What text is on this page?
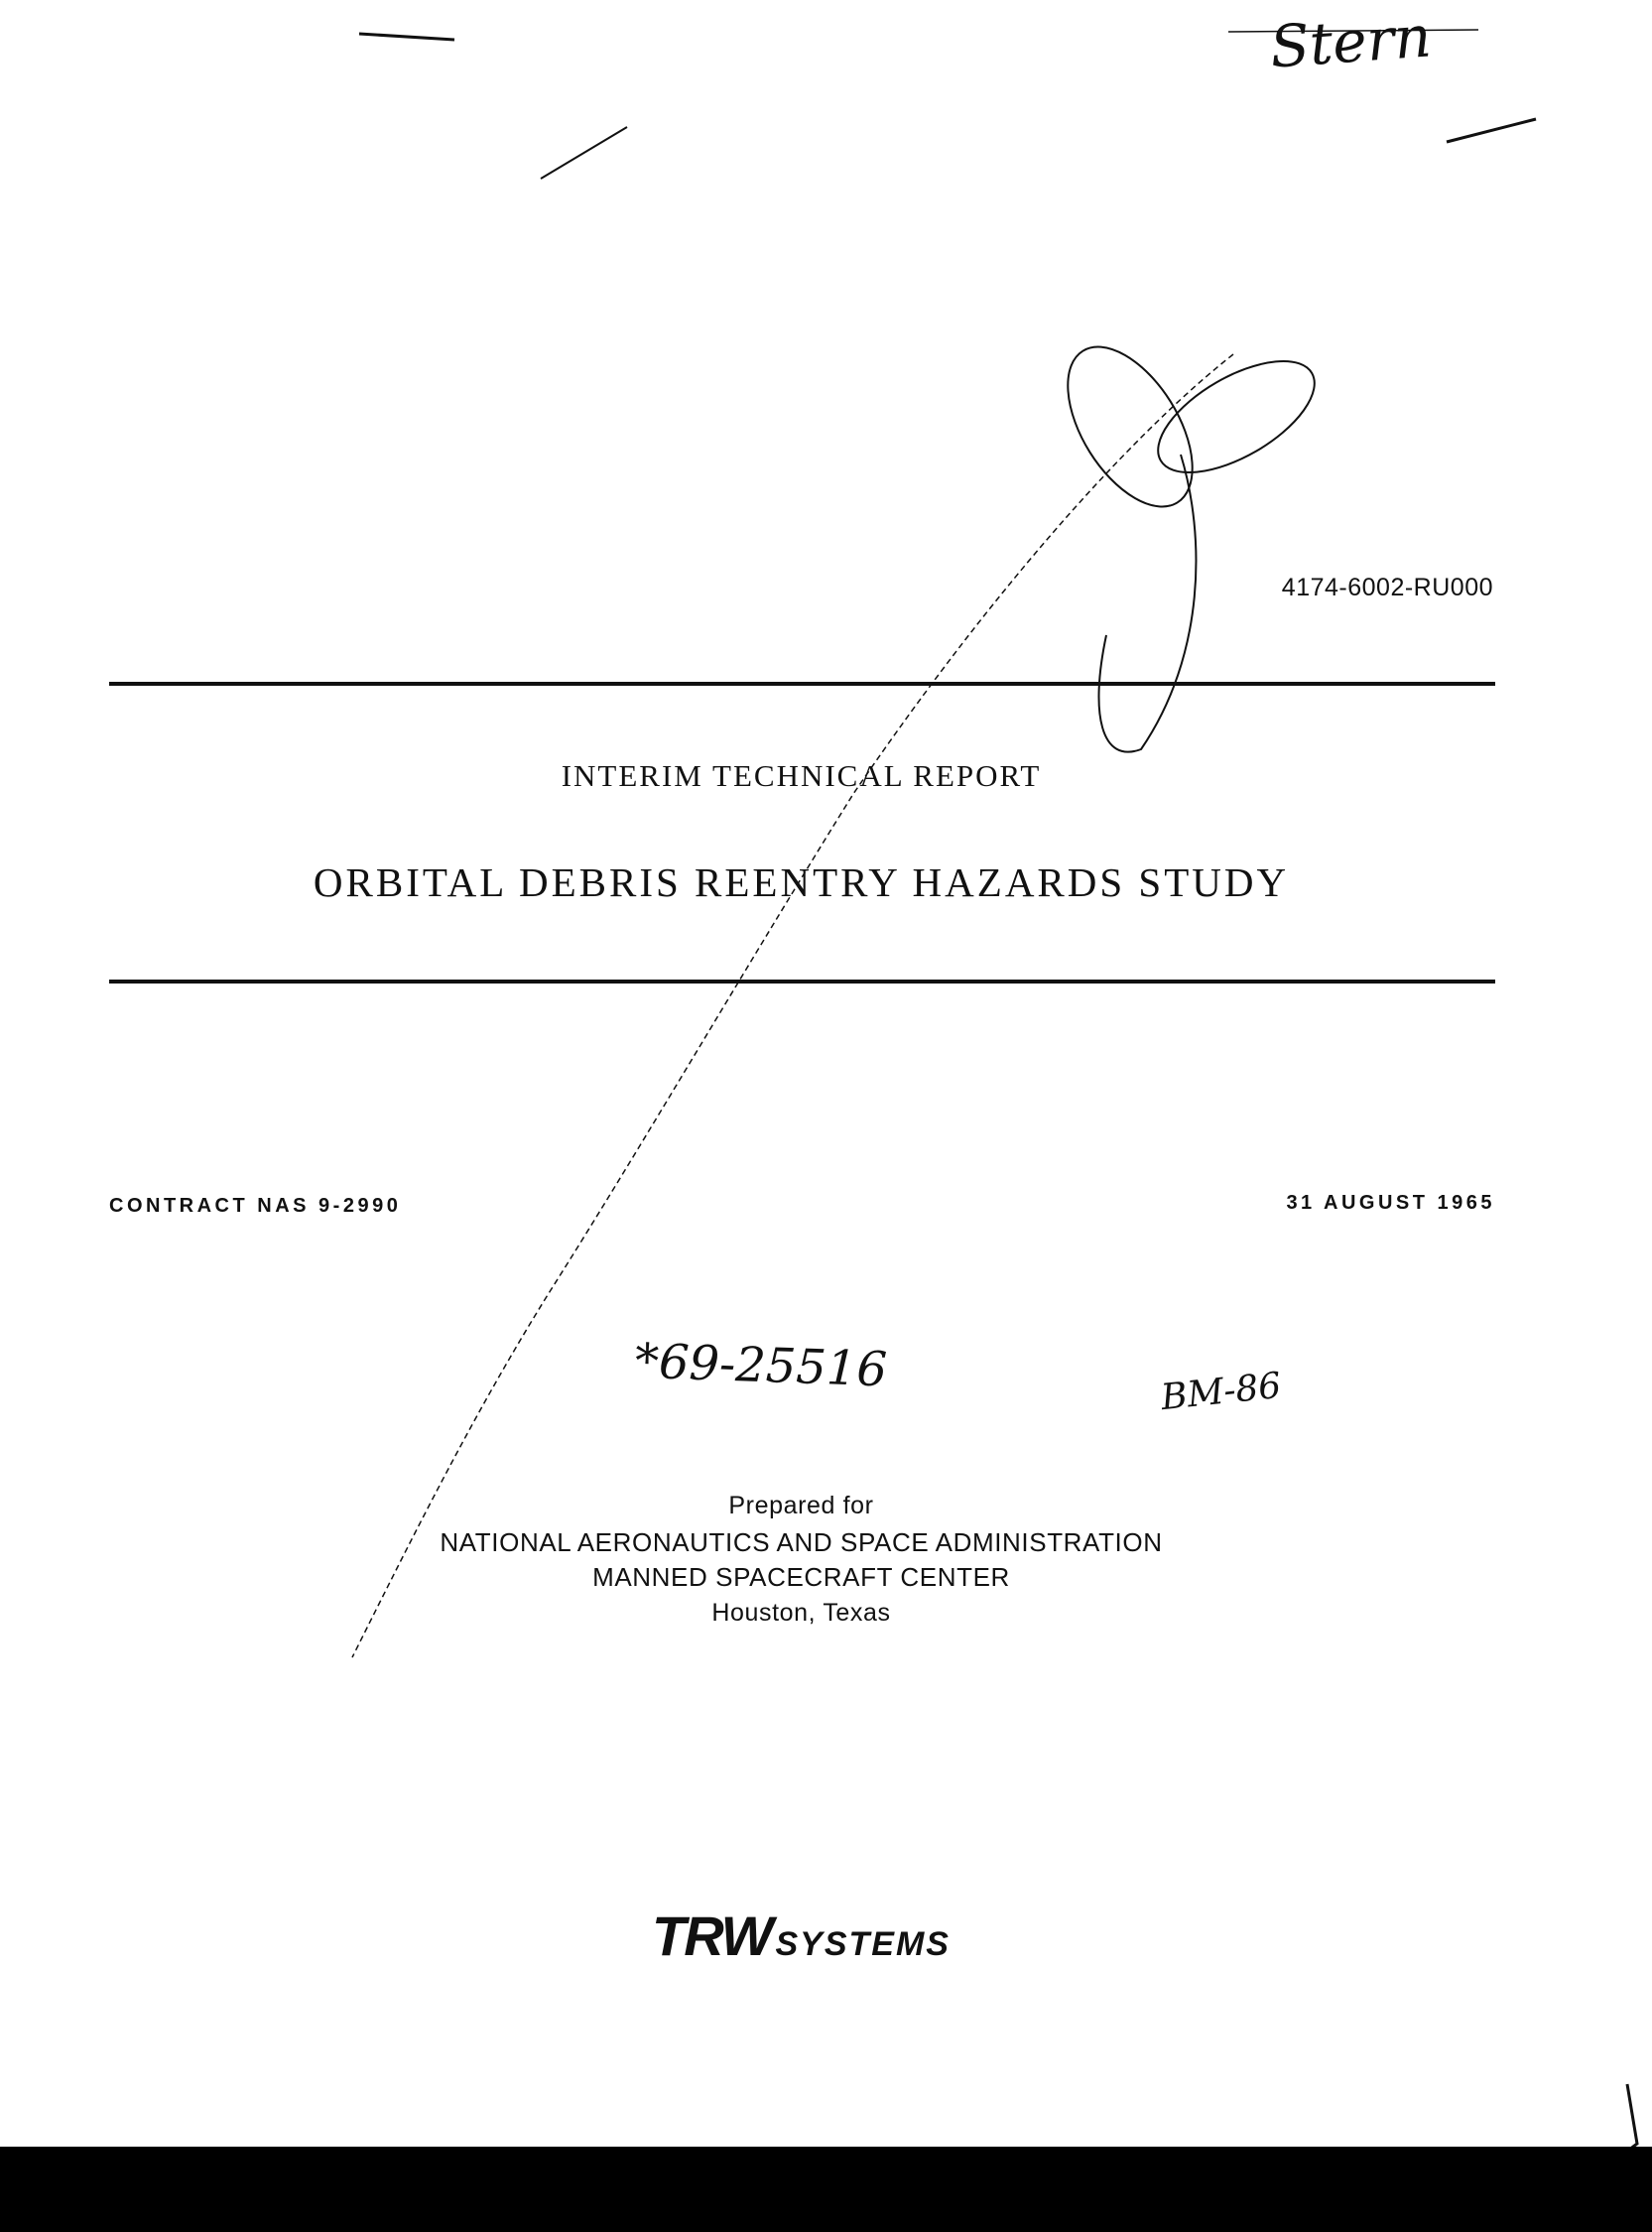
Stern
4174-6002-RU000
INTERIM TECHNICAL REPORT
ORBITAL DEBRIS REENTRY HAZARDS STUDY
CONTRACT NAS 9-2990	31 AUGUST 1965
*69-25516	BM-86
Prepared for
NATIONAL AERONAUTICS AND SPACE ADMINISTRATION
MANNED SPACECRAFT CENTER
Houston, Texas
TRW SYSTEMS
